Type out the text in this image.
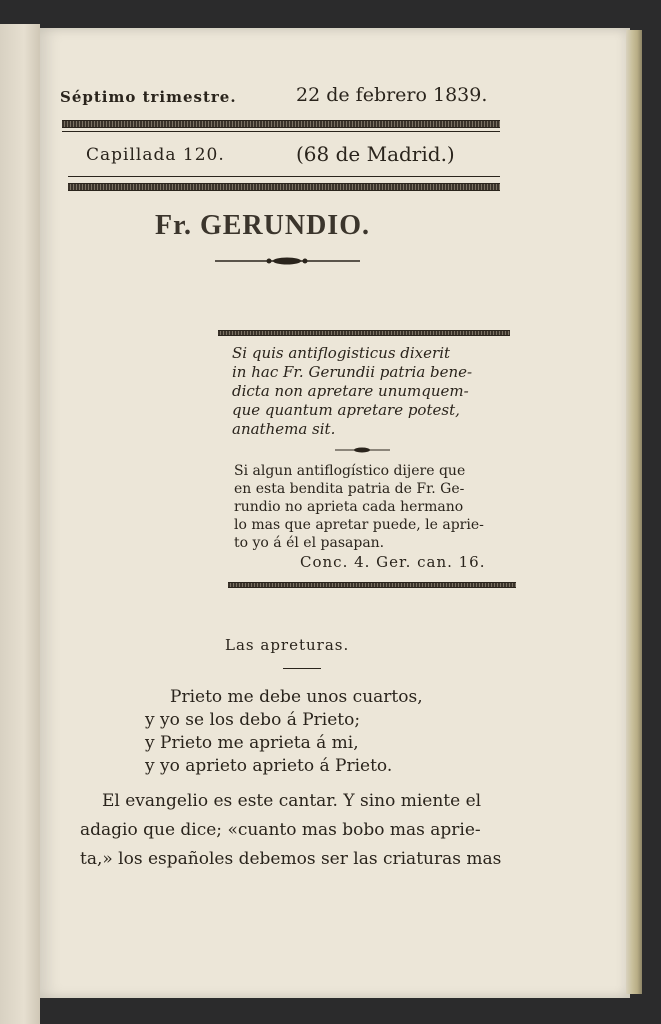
Séptimo trimestre.	22 de febrero 1839.
Capillada 120.	(68 de Madrid.)
Fr. GERUNDIO.
Si quis antiflogisticus dixerit
in hac Fr. Gerundii patria bene-
dicta non apretare unumquem-
que quantum apretare potest,
anathema sit.
Si algun antiflogístico dijere que
en esta bendita patria de Fr. Ge-
rundio no aprieta cada hermano
lo mas que apretar puede, le aprie-
to yo á él el pasapan.
Conc. 4. Ger. can. 16.
Las apreturas.
Prieto me debe unos cuartos,
y yo se los debo á Prieto;
y Prieto me aprieta á mi,
y yo aprieto aprieto á Prieto.
El evangelio es este cantar. Y sino miente el
adagio que dice; «cuanto mas bobo mas aprie-
ta,» los españoles debemos ser las criaturas mas
